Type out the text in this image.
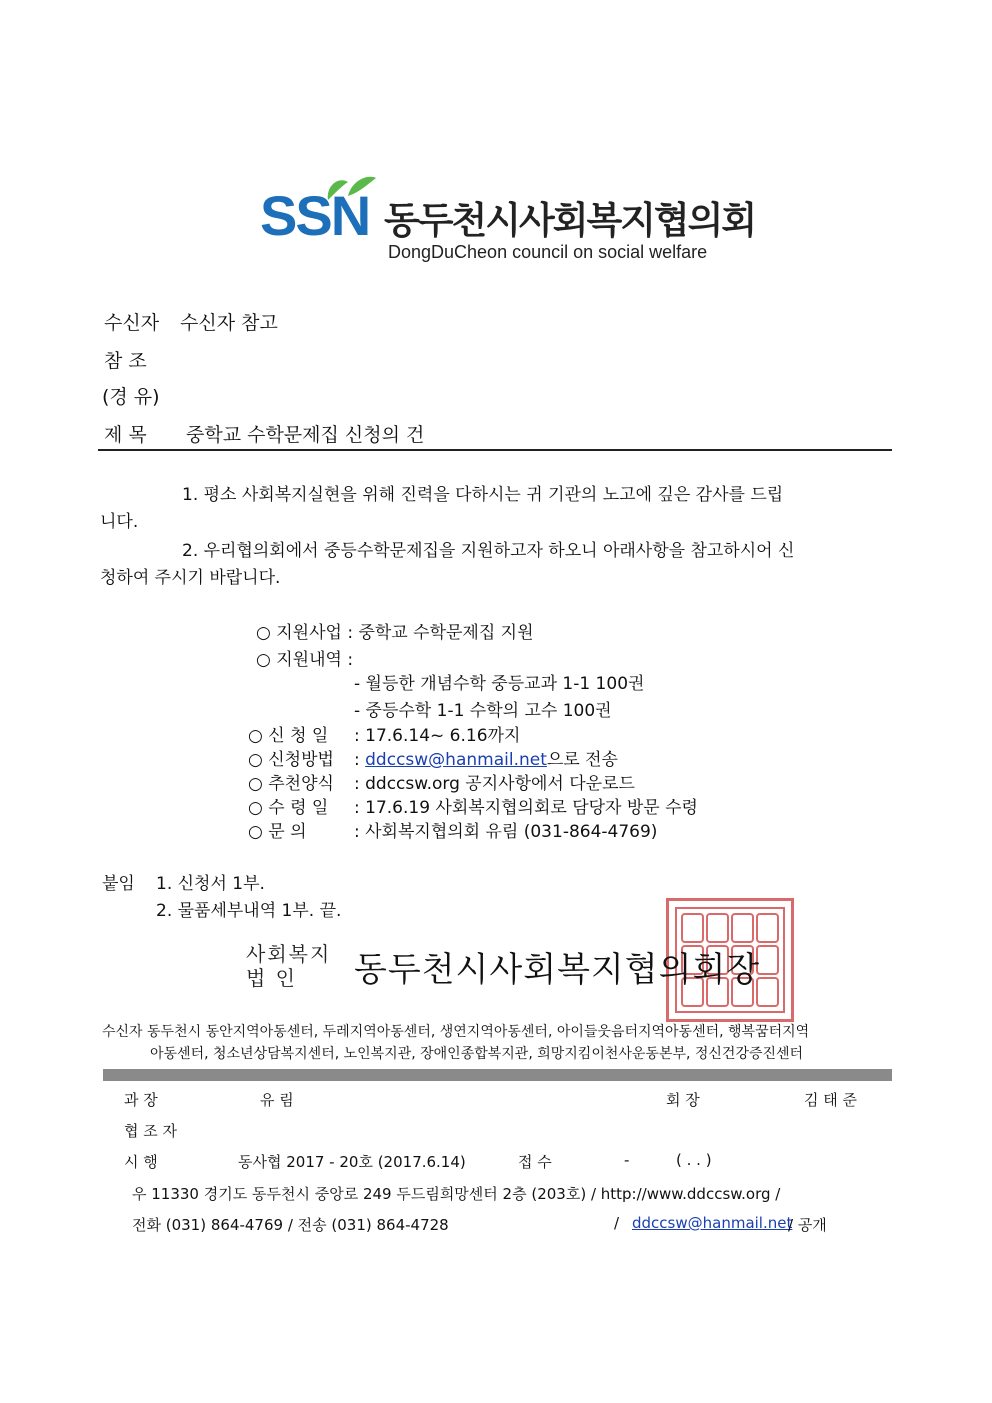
SSN 동두천시사회복지협의회
DongDuCheon council on social welfare
수신자 수신자 참고
참 조
(경 유)
제 목 중학교 수학문제집 신청의 건
1. 평소 사회복지실현을 위해 진력을 다하시는 귀 기관의 노고에 깊은 감사를 드립
니다.
2. 우리협의회에서 중등수학문제집을 지원하고자 하오니 아래사항을 참고하시어 신
청하여 주시기 바랍니다.
○ 지원사업 : 중학교 수학문제집 지원
○ 지원내역 :
- 월등한 개념수학 중등교과 1-1 100권
- 중등수학 1-1 수학의 고수 100권
○ 신 청 일 : 17.6.14~ 6.16까지
○ 신청방법 : ddccsw@hanmail.net으로 전송
○ 추천양식 : ddccsw.org 공지사항에서 다운로드
○ 수 령 일 : 17.6.19 사회복지협의회로 담당자 방문 수령
○ 문 의	: 사회복지협의회 유림 (031-864-4769)
붙임 1. 신청서 1부.
2. 물품세부내역 1부. 끝.
사회복지
법 인 동두천시사회복지협의회장
수신자 동두천시 동안지역아동센터, 두레지역아동센터, 생연지역아동센터, 아이들웃음터지역아동센터, 행복꿈터지역
아동센터, 청소년상담복지센터, 노인복지관, 장애인종합복지관, 희망지킴이천사운동본부, 정신건강증진센터
과 장	유 림	회 장	김 태 준
협 조 자
시 행	동사협 2017 - 20호 (2017.6.14)	접 수	-	( . . )
우 11330 경기도 동두천시 중앙로 249 두드림희망센터 2층 (203호) / http://www.ddccsw.org /
전화 (031) 864-4769 / 전송 (031) 864-4728	/ ddccsw@hanmail.net
/ 공개
